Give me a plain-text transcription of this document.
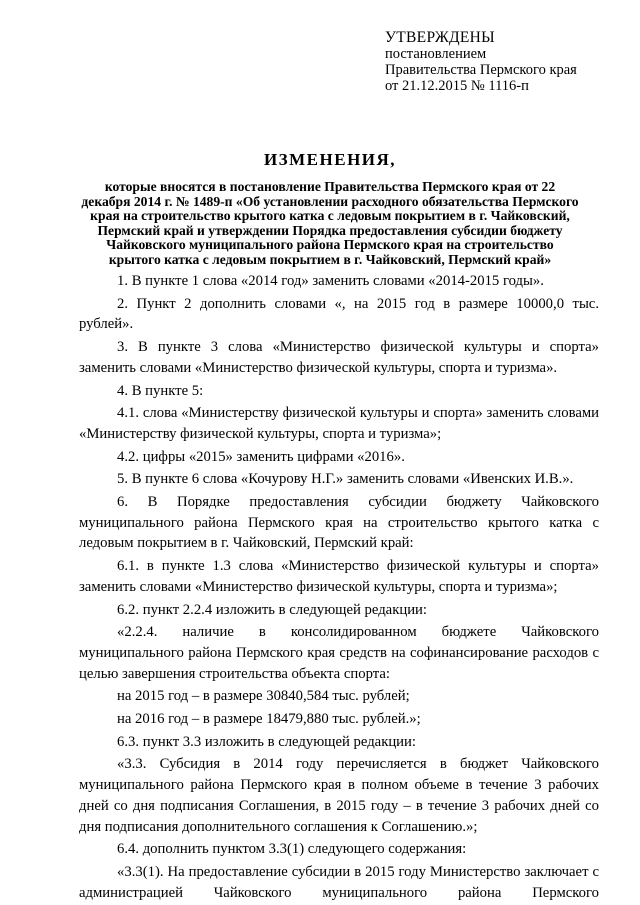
УТВЕРЖДЕНЫ
постановлением
Правительства Пермского края
от 21.12.2015 № 1116-п
ИЗМЕНЕНИЯ,
которые вносятся в постановление Правительства Пермского края от 22 декабря 2014 г. № 1489-п «Об установлении расходного обязательства Пермского края на строительство крытого катка с ледовым покрытием в г. Чайковский, Пермский край и утверждении Порядка предоставления субсидии бюджету Чайковского муниципального района Пермского края на строительство крытого катка с ледовым покрытием в г. Чайковский, Пермский край»

1. В пункте 1 слова «2014 год» заменить словами «2014-2015 годы».

2. Пункт 2 дополнить словами «, на 2015 год в размере 10000,0 тыс. рублей».

3. В пункте 3 слова «Министерство физической культуры и спорта» заменить словами «Министерство физической культуры, спорта и туризма».

4. В пункте 5:

4.1. слова «Министерству физической культуры и спорта» заменить словами «Министерству физической культуры, спорта и туризма»;

4.2. цифры «2015» заменить цифрами «2016».

5. В пункте 6 слова «Кочурову Н.Г.» заменить словами «Ивенских И.В.».

6. В Порядке предоставления субсидии бюджету Чайковского муниципального района Пермского края на строительство крытого катка с ледовым покрытием в г. Чайковский, Пермский край:

6.1. в пункте 1.3 слова «Министерство физической культуры и спорта» заменить словами «Министерство физической культуры, спорта и туризма»;

6.2. пункт 2.2.4 изложить в следующей редакции:

«2.2.4. наличие в консолидированном бюджете Чайковского муниципального района Пермского края средств на софинансирование расходов с целью завершения строительства объекта спорта:

на 2015 год – в размере 30840,584 тыс. рублей;

на 2016 год – в размере 18479,880 тыс. рублей.»;

6.3. пункт 3.3 изложить в следующей редакции:

«3.3. Субсидия в 2014 году перечисляется в бюджет Чайковского муниципального района Пермского края в полном объеме в течение 3 рабочих дней со дня подписания Соглашения, в 2015 году – в течение 3 рабочих дней со дня подписания дополнительного соглашения к Соглашению.»;

6.4. дополнить пунктом 3.3(1) следующего содержания:

«3.3(1). На предоставление субсидии в 2015 году Министерство заключает с администрацией Чайковского муниципального района Пермского
